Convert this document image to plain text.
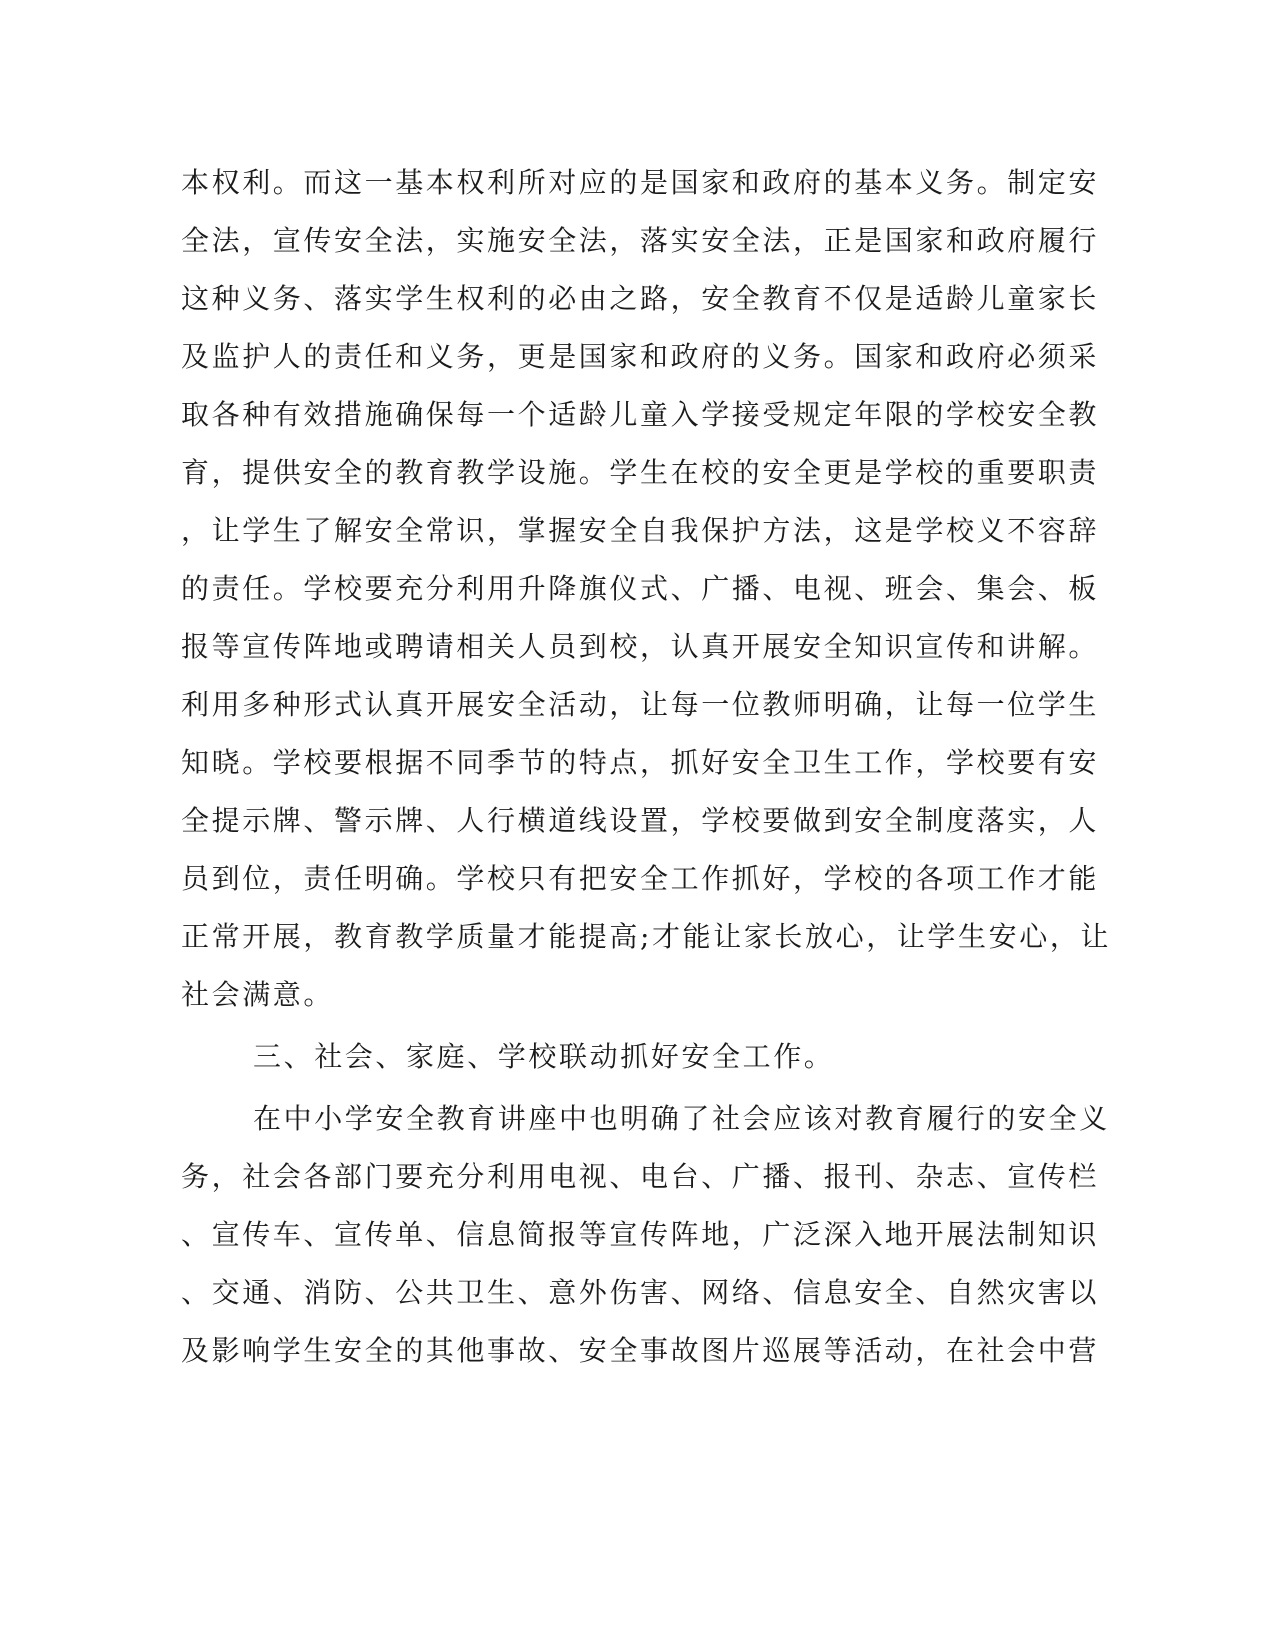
本权利。而这一基本权利所对应的是国家和政府的基本义务。制定安
全法，宣传安全法，实施安全法，落实安全法，正是国家和政府履行
这种义务、落实学生权利的必由之路，安全教育不仅是适龄儿童家长
及监护人的责任和义务，更是国家和政府的义务。国家和政府必须采
取各种有效措施确保每一个适龄儿童入学接受规定年限的学校安全教
育，提供安全的教育教学设施。学生在校的安全更是学校的重要职责
，让学生了解安全常识，掌握安全自我保护方法，这是学校义不容辞
的责任。学校要充分利用升降旗仪式、广播、电视、班会、集会、板
报等宣传阵地或聘请相关人员到校，认真开展安全知识宣传和讲解。
利用多种形式认真开展安全活动，让每一位教师明确，让每一位学生
知晓。学校要根据不同季节的特点，抓好安全卫生工作，学校要有安
全提示牌、警示牌、人行横道线设置，学校要做到安全制度落实，人
员到位，责任明确。学校只有把安全工作抓好，学校的各项工作才能
正常开展，教育教学质量才能提高;才能让家长放心，让学生安心，让
社会满意。
三、社会、家庭、学校联动抓好安全工作。
在中小学安全教育讲座中也明确了社会应该对教育履行的安全义
务，社会各部门要充分利用电视、电台、广播、报刊、杂志、宣传栏
、宣传车、宣传单、信息简报等宣传阵地，广泛深入地开展法制知识
、交通、消防、公共卫生、意外伤害、网络、信息安全、自然灾害以
及影响学生安全的其他事故、安全事故图片巡展等活动，在社会中营
